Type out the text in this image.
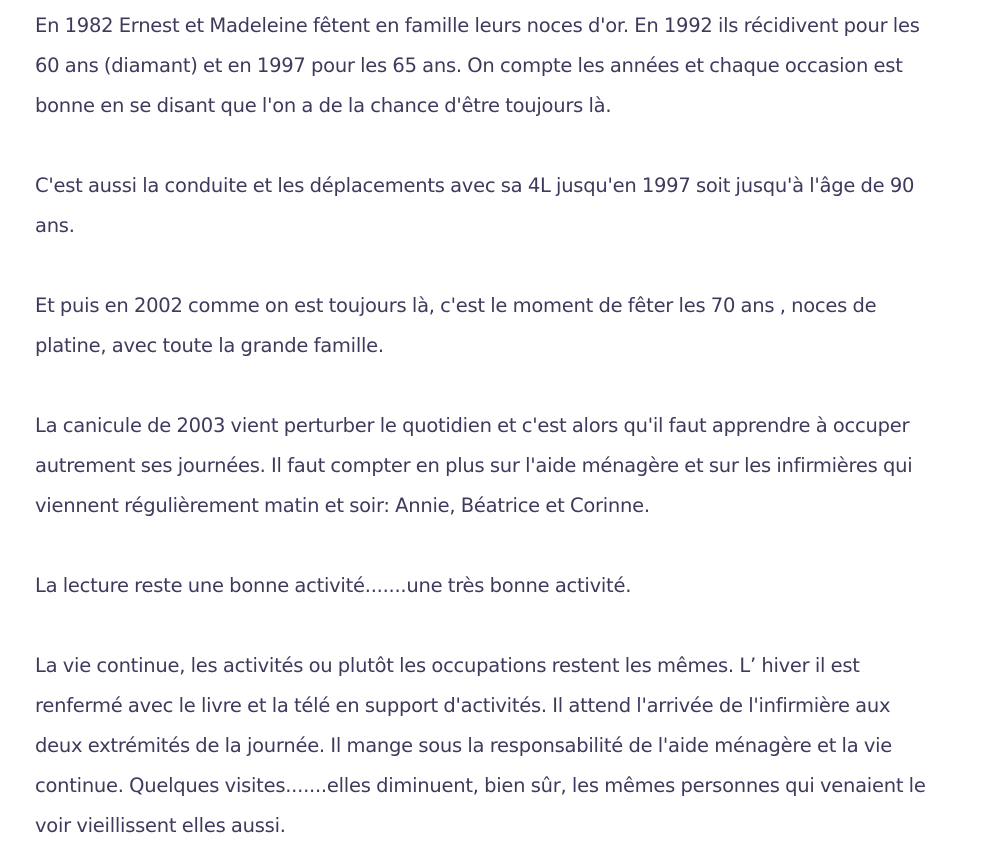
En 1982 Ernest et Madeleine fêtent en famille leurs noces d'or. En 1992 ils récidivent pour les
60 ans (diamant) et en 1997 pour les 65 ans. On compte les années et chaque occasion est
bonne en se disant que l'on a de la chance d'être toujours là.

C'est aussi la conduite et les déplacements avec sa 4L jusqu'en 1997 soit jusqu'à l'âge de 90
ans.

Et puis en 2002 comme on est toujours là, c'est le moment de fêter les 70 ans , noces de
platine, avec toute la grande famille.

La canicule de 2003 vient perturber le quotidien et c'est alors qu'il faut apprendre à occuper
autrement ses journées. Il faut compter en plus sur l'aide ménagère et sur les infirmières qui
viennent régulièrement matin et soir: Annie, Béatrice et Corinne.

La lecture reste une bonne activité.......une très bonne activité.

La vie continue, les activités ou plutôt les occupations restent les mêmes. L’ hiver il est
renfermé avec le livre et la télé en support d'activités. Il attend l'arrivée de l'infirmière aux
deux extrémités de la journée. Il mange sous la responsabilité de l'aide ménagère et la vie
continue. Quelques visites.......elles diminuent, bien sûr, les mêmes personnes qui venaient le
voir vieillissent elles aussi.
